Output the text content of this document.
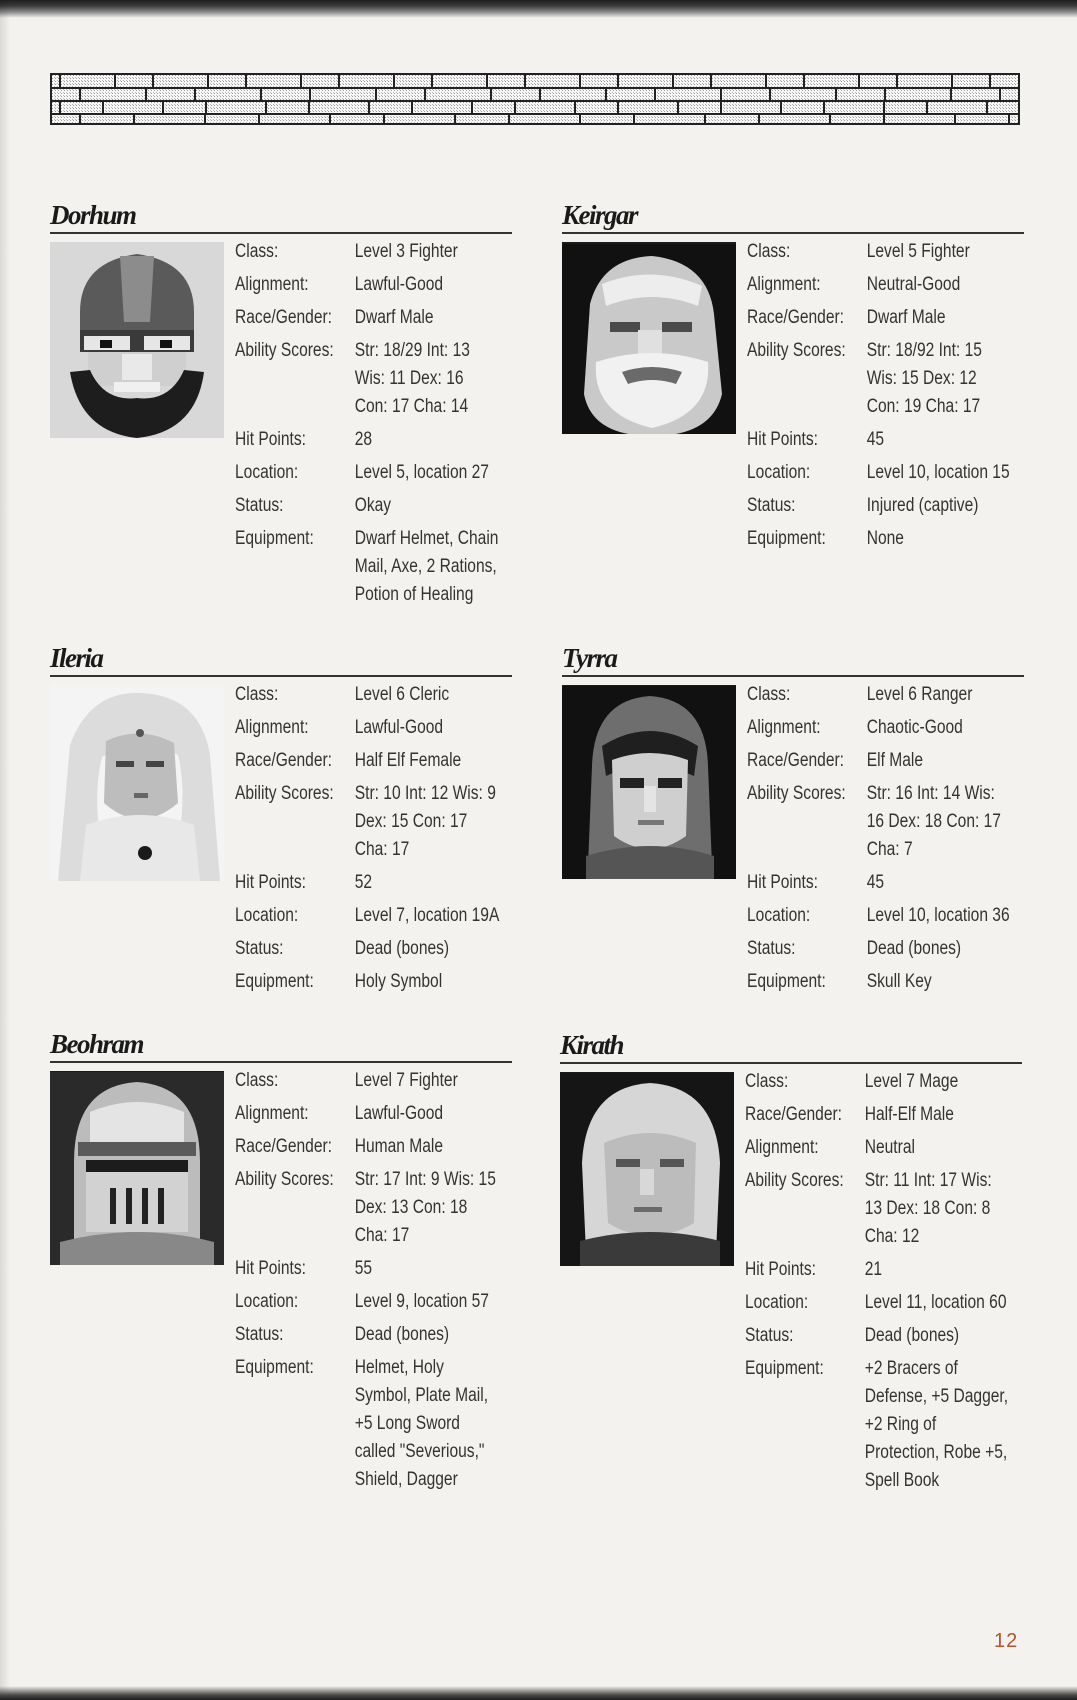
Dorhum
Class:	Level 3 Fighter
Alignment:	Lawful-Good
Race/Gender:	Dwarf Male
Ability Scores:	Str: 18/29 Int: 13 Wis: 11 Dex: 16 Con: 17 Cha: 14
Hit Points:	28
Location:	Level 5, location 27
Status:	Okay
Equipment:	Dwarf Helmet, Chain Mail, Axe, 2 Rations, Potion of Healing
Keirgar
Class:	Level 5 Fighter
Alignment:	Neutral-Good
Race/Gender:	Dwarf Male
Ability Scores:	Str: 18/92 Int: 15 Wis: 15 Dex: 12 Con: 19 Cha: 17
Hit Points:	45
Location:	Level 10, location 15
Status:	Injured (captive)
Equipment:	None
Ileria
Class:	Level 6 Cleric
Alignment:	Lawful-Good
Race/Gender:	Half Elf Female
Ability Scores:	Str: 10 Int: 12 Wis: 9 Dex: 15 Con: 17 Cha: 17
Hit Points:	52
Location:	Level 7, location 19A
Status:	Dead (bones)
Equipment:	Holy Symbol
Tyrra
Class:	Level 6 Ranger
Alignment:	Chaotic-Good
Race/Gender:	Elf Male
Ability Scores:	Str: 16 Int: 14 Wis: 16 Dex: 18 Con: 17 Cha: 7
Hit Points:	45
Location:	Level 10, location 36
Status:	Dead (bones)
Equipment:	Skull Key
Beohram
Class:	Level 7 Fighter
Alignment:	Lawful-Good
Race/Gender:	Human Male
Ability Scores:	Str: 17 Int: 9 Wis: 15 Dex: 13 Con: 18 Cha: 17
Hit Points:	55
Location:	Level 9, location 57
Status:	Dead (bones)
Equipment:	Helmet, Holy Symbol, Plate Mail, +5 Long Sword called "Severious," Shield, Dagger
Kirath
Class:	Level 7 Mage
Race/Gender:	Half-Elf Male
Alignment:	Neutral
Ability Scores:	Str: 11 Int: 17 Wis: 13 Dex: 18 Con: 8 Cha: 12
Hit Points:	21
Location:	Level 11, location 60
Status:	Dead (bones)
Equipment:	+2 Bracers of Defense, +5 Dagger, +2 Ring of Protection, Robe +5, Spell Book
12
